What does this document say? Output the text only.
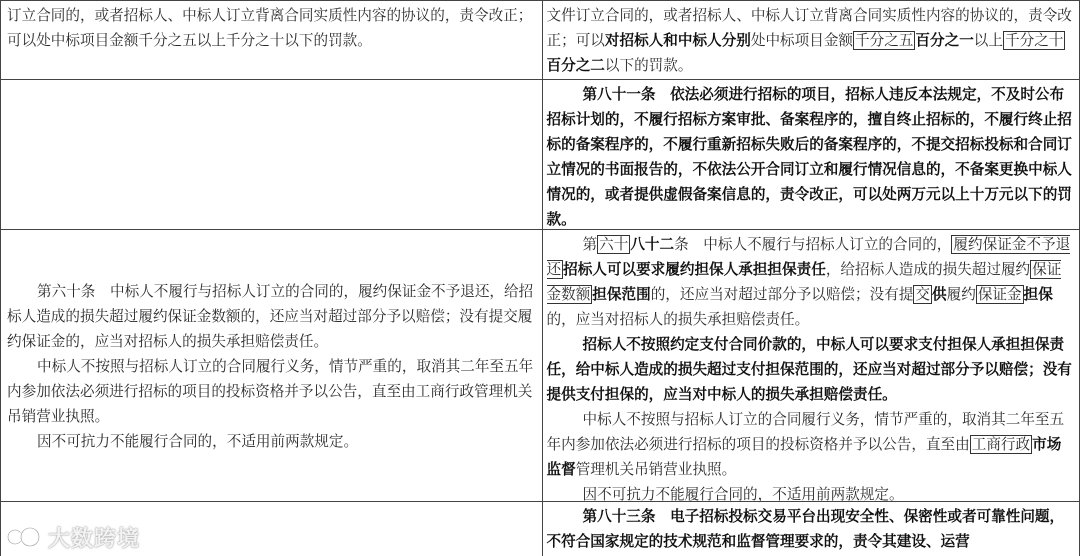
订立合同的，或者招标人、中标人订立背离合同实质性内容的协议的，责令改正；可以处中标项目金额千分之五以上千分之十以下的罚款。

文件订立合同的，或者招标人、中标人订立背离合同实质性内容的协议的，责令改正；可以对招标人和中标人分别处中标项目金额 千分之五 百分之一以上 千分之十百分之二以下的罚款。

第八十一条　依法必须进行招标的项目，招标人违反本法规定，不及时公布招标计划的，不履行招标方案审批、备案程序的，擅自终止招标的，不履行终止招标的备案程序的，不履行重新招标失败后的备案程序的，不提交招标投标和合同订立情况的书面报告的，不依法公开合同订立和履行情况信息的，不备案更换中标人情况的，或者提供虚假备案信息的，责令改正，可以处两万元以上十万元以下的罚款。

第六十条　中标人不履行与招标人订立的合同的，履约保证金不予退还，给招标人造成的损失超过履约保证金数额的，还应当对超过部分予以赔偿；没有提交履约保证金的，应当对招标人的损失承担赔偿责任。

中标人不按照与招标人订立的合同履行义务，情节严重的，取消其二年至五年内参加依法必须进行招标的项目的投标资格并予以公告，直至由工商行政管理机关吊销营业执照。

因不可抗力不能履行合同的，不适用前两款规定。

第 六十 八十二条　中标人不履行与招标人订立的合同的， 履约保证金不予退还 招标人可以要求履约担保人承担担保责任，给招标人造成的损失超过履约 保证金数额 担保范围的，还应当对超过部分予以赔偿；没有提 交 供履约 保证金 担保的，应当对招标人的损失承担赔偿责任。

招标人不按照约定支付合同价款的，中标人可以要求支付担保人承担担保责任，给中标人造成的损失超过支付担保范围的，还应当对超过部分予以赔偿；没有提供支付担保的，应当对中标人的损失承担赔偿责任。

中标人不按照与招标人订立的合同履行义务，情节严重的，取消其二年至五年内参加依法必须进行招标的项目的投标资格并予以公告，直至由 工商行政 市场监督管理机关吊销营业执照。

因不可抗力不能履行合同的，不适用前两款规定。

第八十三条　电子招标投标交易平台出现安全性、保密性或者可靠性问题，不符合国家规定的技术规范和监督管理要求的，责令其建设、运营

大数跨境
